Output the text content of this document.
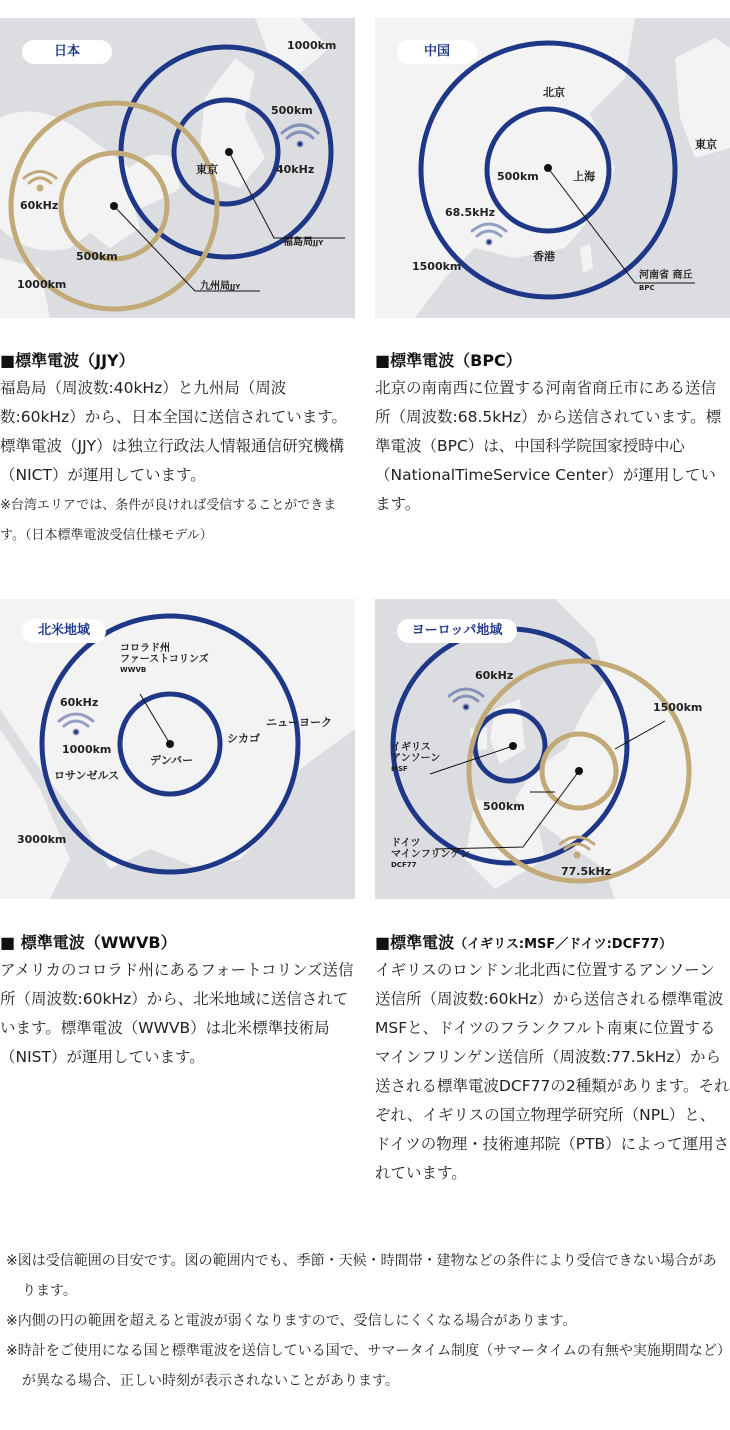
日本	1000km
500km
40kHz
東京
60kHz
500km
1000km
福島局JJY
九州局JJY
中国
北京
東京
500km	上海
68.5kHz
香港
1500km
河南省 商丘
BPC
■標準電波（JJY）
福島局（周波数:40kHz）と九州局（周波数:60kHz）から、日本全国に送信されています。標準電波（JJY）は独立行政法人情報通信研究機構（NICT）が運用しています。
※台湾エリアでは、条件が良ければ受信することができます。（日本標準電波受信仕様モデル）
■標準電波（BPC）
北京の南南西に位置する河南省商丘市にある送信所（周波数:68.5kHz）から送信されています。標準電波（BPC）は、中国科学院国家授時中心（NationalTimeService Center）が運用しています。
北米地域
コロラド州
ファーストコリンズ
WWVB
60kHz
1000km
ロサンゼルス
デンバー
シカゴ
ニューヨーク
3000km
ヨーロッパ地域
60kHz
1500km
イギリス
アンソーン
MSF
500km
ドイツ
マインフリンゲン
DCF77	77.5kHz
■ 標準電波（WWVB）
アメリカのコロラド州にあるフォートコリンズ送信所（周波数:60kHz）から、北米地域に送信されています。標準電波（WWVB）は北米標準技術局（NIST）が運用しています。
■標準電波（イギリス:MSF／ドイツ:DCF77）
イギリスのロンドン北北西に位置するアンソーン送信所（周波数:60kHz）から送信される標準電波MSFと、ドイツのフランクフルト南東に位置するマインフリンゲン送信所（周波数:77.5kHz）から送される標準電波DCF77の2種類があります。それぞれ、イギリスの国立物理学研究所（NPL）と、ドイツの物理・技術連邦院（PTB）によって運用されています。
※図は受信範囲の目安です。図の範囲内でも、季節・天候・時間帯・建物などの条件により受信できない場合があります。
※内側の円の範囲を超えると電波が弱くなりますので、受信しにくくなる場合があります。
※時計をご使用になる国と標準電波を送信している国で、サマータイム制度（サマータイムの有無や実施期間など）が異なる場合、正しい時刻が表示されないことがあります。
